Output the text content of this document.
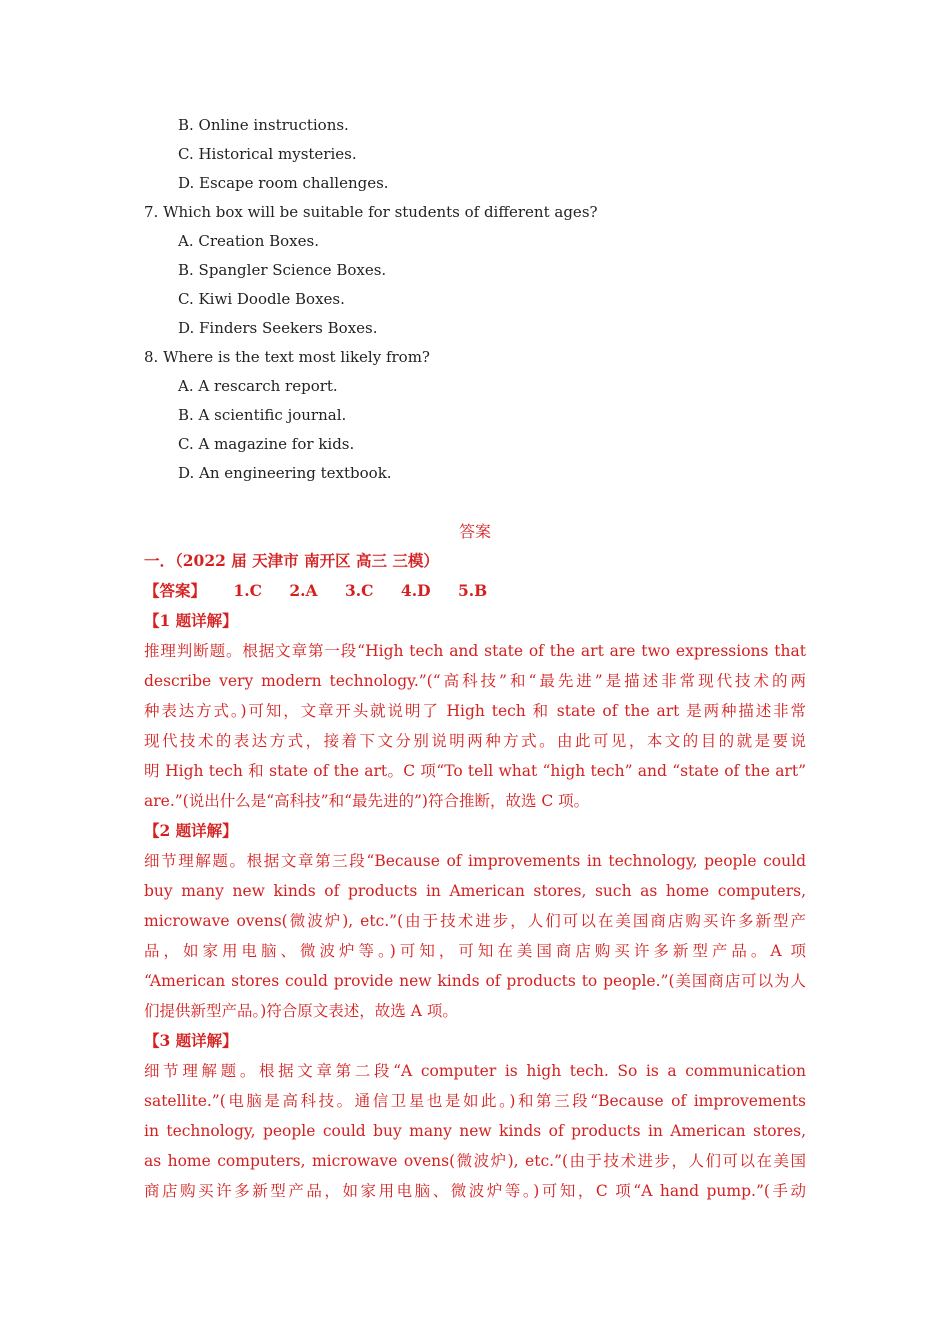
B. Online instructions.
C. Historical mysteries.
D. Escape room challenges.
7. Which box will be suitable for students of different ages?
A. Creation Boxes.
B. Spangler Science Boxes.
C. Kiwi Doodle Boxes.
D. Finders Seekers Boxes.
8. Where is the text most likely from?
A. A rescarch report.
B. A scientific journal.
C. A magazine for kids.
D. An engineering textbook.
答案
一．（2022 届 天津市 南开区 高三 三模）
【答案】 1.C 2.A 3.C 4.D 5.B
【1 题详解】
推理判断题。根据文章第一段“High tech and state of the art are two expressions that
describe very modern technology.”(“高科技”和“最先进”是描述非常现代技术的两
种表达方式。)可知，文章开头就说明了 High tech 和 state of the art 是两种描述非常
现代技术的表达方式，接着下文分别说明两种方式。由此可见，本文的目的就是要说
明 High tech 和 state of the art。C 项“To tell what “high tech” and “state of the art”
are.”(说出什么是“高科技”和“最先进的”)符合推断，故选 C 项。
【2 题详解】
细节理解题。根据文章第三段“Because of improvements in technology, people could
buy many new kinds of products in American stores, such as home computers,
microwave ovens(微波炉), etc.”(由于技术进步，人们可以在美国商店购买许多新型产
品，如家用电脑、微波炉等。)可知，可知在美国商店购买许多新型产品。A 项
“American stores could provide new kinds of products to people.”(美国商店可以为人
们提供新型产品。)符合原文表述，故选 A 项。
【3 题详解】
细节理解题。根据文章第二段“A computer is high tech. So is a communication
satellite.”(电脑是高科技。通信卫星也是如此。)和第三段“Because of improvements
in technology, people could buy many new kinds of products in American stores,
as home computers, microwave ovens(微波炉), etc.”(由于技术进步，人们可以在美国
商店购买许多新型产品，如家用电脑、微波炉等。)可知，C 项“A hand pump.”(手动
